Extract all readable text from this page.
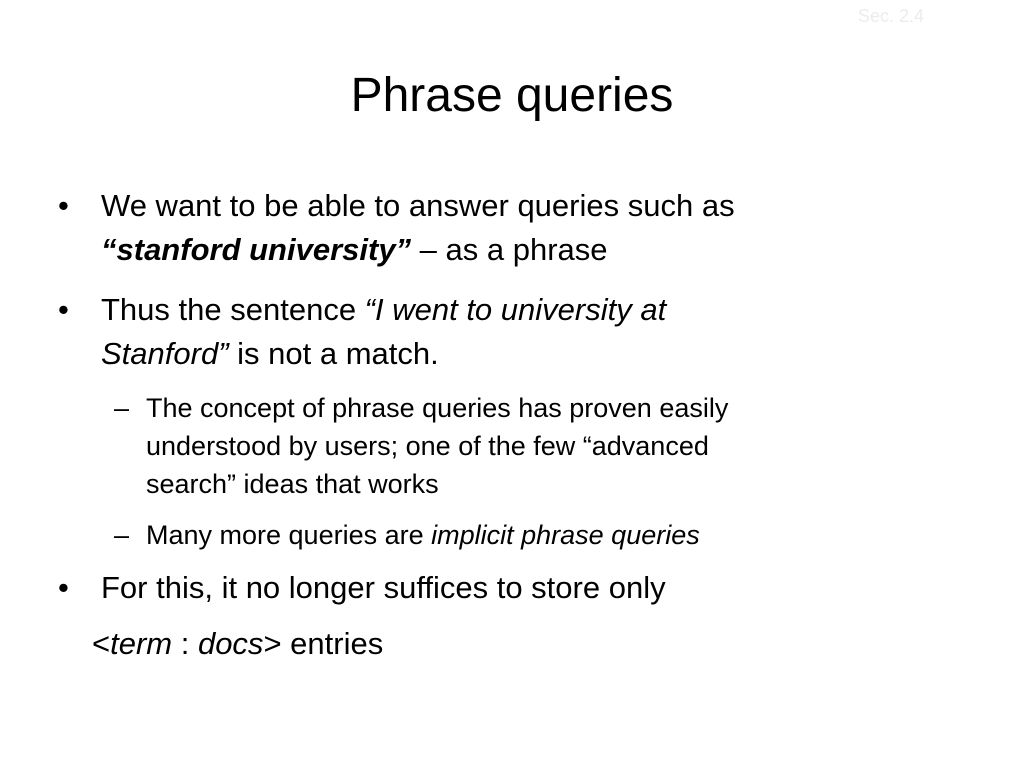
Sec. 2.4
Phrase queries
•	We want to be able to answer queries such as
“stanford university” – as a phrase
•	Thus the sentence “I went to university at
Stanford” is not a match.
– The concept of phrase queries has proven easily
understood by users; one of the few “advanced
search” ideas that works
– Many more queries are implicit phrase queries
•	For this, it no longer suffices to store only
<term : docs> entries
